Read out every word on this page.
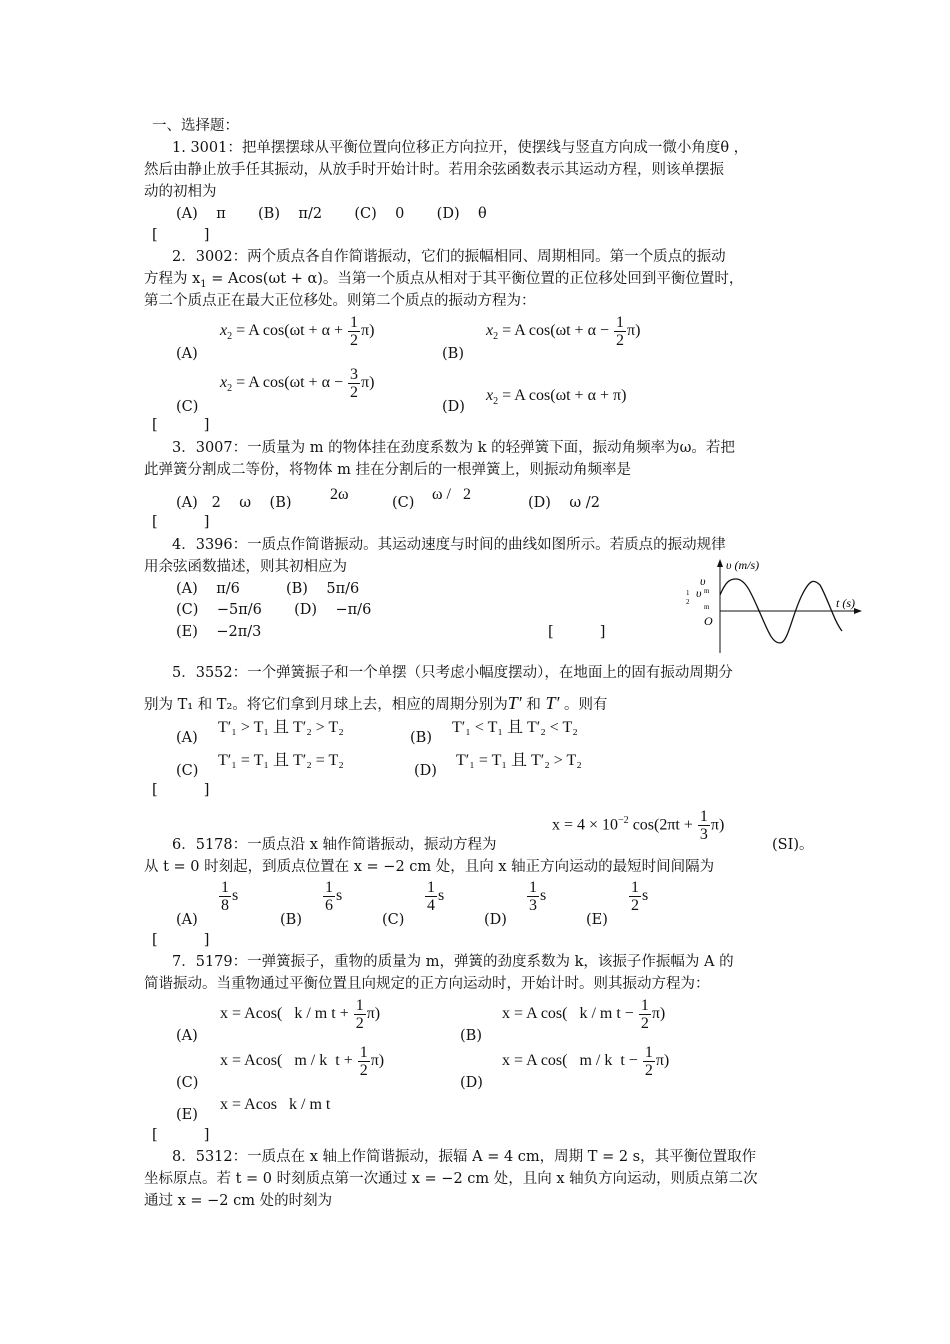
一、选择题：
1. 3001：把单摆摆球从平衡位置向位移正方向拉开，使摆线与竖直方向成一微小角度θ ，
然后由静止放手任其振动，从放手时开始计时。若用余弦函数表示其运动方程，则该单摆振
动的初相为
(A)    π       (B)    π/2       (C)    0       (D)    θ
[          ]
2．3002：两个质点各自作简谐振动，它们的振幅相同、周期相同。第一个质点的振动
方程为 $x_1 = Acos(\omega t + \alpha)$。当第一个质点从相对于其平衡位置的正位移处回到平衡位置时，
第二个质点正在最大正位移处。则第二个质点的振动方程为：
(A)
$x_2 = A$ $\cos(\omega t + \alpha + \frac{1}{2} \pi)$
(B)
$x_2 = A$ $\cos(\omega t + \alpha - \frac{1}{2} \pi)$
(C)
$x_2 = A$ $\cos(\omega t + \alpha - \frac{3}{2} \pi)$
(D)
$x_2 = A$ cos(ωt + α + π)
[          ]
3．3007：一质量为 m 的物体挂在劲度系数为 k 的轻弹簧下面，振动角频率为ω。若把
此弹簧分割成二等份，将物体 m 挂在分割后的一根弹簧上，则振动角频率是
(A)   2    ω    (B) 2ω	(C) ω /   2	(D)    ω /2
[          ]
4．3396：一质点作简谐振动。其运动速度与时间的曲线如图所示。若质点的振动规律
用余弦函数描述，则其初相应为
(A)    π/6          (B)    5π/6
(C)    −5π/6       (D)    −π/6
(E)    −2π/3	[          ]
υ (m/s)
t (s)
υ
υ m
1
2
m
O
5．3552：一个弹簧振子和一个单摆（只考虑小幅度摆动），在地面上的固有振动周期分
别为 T₁ 和 T₂。将它们拿到月球上去，相应的周期分别为T′ 和 T′ 。则有
(A)
T′₁ > T₁ 且 T′₂ > T₂
(B)
T′₁ < T₁ 且 T′₂ < T₂
(C)
T′₁ = T₁ 且 T′₂ = T₂
(D)
T′₁ = T₁ 且 T′₂ > T₂
[          ]
$x = 4 \times 10^{-2}$ $\cos(2\pi t + \frac{1}{3} \pi)$
6．5178：一质点沿 x 轴作简谐振动，振动方程为	(SI)。
从 t = 0 时刻起，到质点位置在 x = −2 cm 处，且向 x 轴正方向运动的最短时间间隔为
(A)
$\frac{1}{8}$ s
(B)
$\frac{1}{6}$ s
(C)
$\frac{1}{4}$ s
(D)
$\frac{1}{3}$ s
(E)
$\frac{1}{2}$ s
[          ]
7．5179：一弹簧振子，重物的质量为 m，弹簧的劲度系数为 k，该振子作振幅为 A 的
简谐振动。当重物通过平衡位置且向规定的正方向运动时，开始计时。则其振动方程为：
(A)
x = Acos(   k / m $t + \frac{1}{2} \pi$)
(B)
x = A cos(   k / m $t - \frac{1}{2} \pi$)
(C)
x = Acos(   m / k  $t + \frac{1}{2} \pi$)
(D)
x = A cos(   m / k  $t - \frac{1}{2} \pi$)
(E)
x = Acos   k / m t
[          ]
8．5312：一质点在 x 轴上作简谐振动，振辐 A = 4 cm，周期 T = 2 s，其平衡位置取作
坐标原点。若 t = 0 时刻质点第一次通过 x = −2 cm 处，且向 x 轴负方向运动，则质点第二次
通过 x = −2 cm 处的时刻为
